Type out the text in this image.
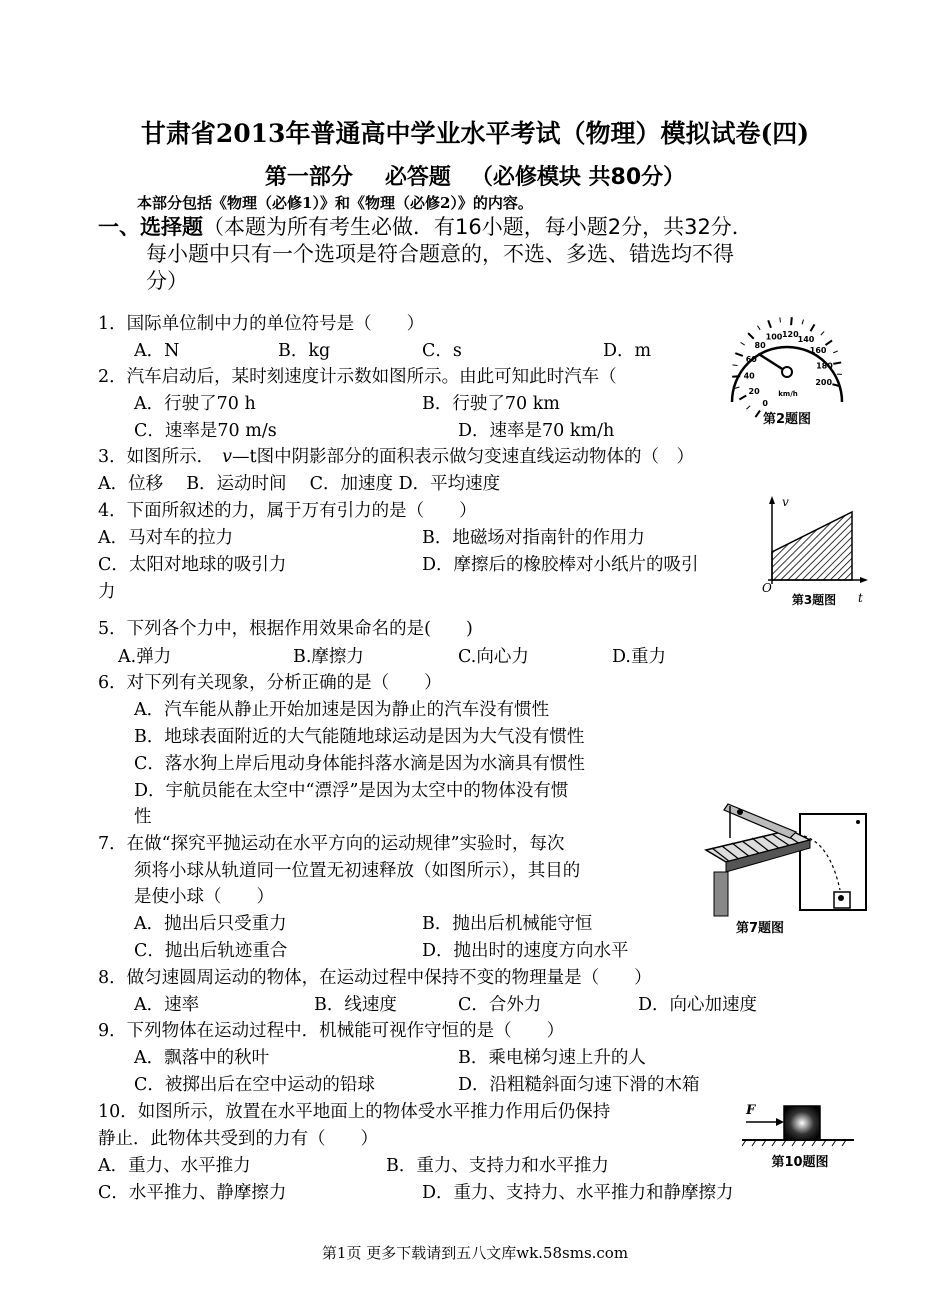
甘肃省2013年普通高中学业水平考试（物理）模拟试卷(四)
第一部分 必答题 （必修模块 共80分）
本部分包括《物理（必修1）》和《物理（必修2）》的内容。
一、选择题（本题为所有考生必做．有16小题，每小题2分，共32分．
每小题中只有一个选项是符合题意的，不选、多选、错选均不得
分）
1．国际单位制中力的单位符号是（　　）
A．N	B．kg	C．s	D．m
2．汽车启动后，某时刻速度计示数如图所示。由此可知此时汽车（
A．行驶了70 h	B．行驶了70 km
C．速率是70 m/s	D．速率是70 km/h
3．如图所示． v—t图中阴影部分的面积表示做匀变速直线运动物体的（　）
A．位移　 B．运动时间　 C．加速度 D．平均速度
4．下面所叙述的力，属于万有引力的是（　　）
A．马对车的拉力	B．地磁场对指南针的作用力
C．太阳对地球的吸引力	D．摩擦后的橡胶棒对小纸片的吸引
力
5．下列各个力中，根据作用效果命名的是(　　)
A.弹力	B.摩擦力	C.向心力	D.重力
6．对下列有关现象，分析正确的是（　　）
A．汽车能从静止开始加速是因为静止的汽车没有惯性
B．地球表面附近的大气能随地球运动是因为大气没有惯性
C．落水狗上岸后甩动身体能抖落水滴是因为水滴具有惯性
D．宇航员能在太空中“漂浮”是因为太空中的物体没有惯
性
7．在做“探究平抛运动在水平方向的运动规律”实验时，每次
须将小球从轨道同一位置无初速释放（如图所示），其目的
是使小球（　　）
A．抛出后只受重力	B．抛出后机械能守恒
C．抛出后轨迹重合	D．抛出时的速度方向水平
8．做匀速圆周运动的物体，在运动过程中保持不变的物理量是（　　）
A．速率	B．线速度	C．合外力	D．向心加速度
9．下列物体在运动过程中．机械能可视作守恒的是（　　）
A．飘落中的秋叶	B．乘电梯匀速上升的人
C．被掷出后在空中运动的铅球	D．沿粗糙斜面匀速下滑的木箱
10．如图所示，放置在水平地面上的物体受水平推力作用后仍保持
静止．此物体共受到的力有（　　）
A．重力、水平推力	B．重力、支持力和水平推力
C．水平推力、静摩擦力	D．重力、支持力、水平推力和静摩擦力
0
20
40
60
80
100 120
140
160
180
200
km/h
第2题图
v
O
t
第3题图
第7题图
F
第10题图
第1页 更多下载请到五八文库wk.58sms.com
